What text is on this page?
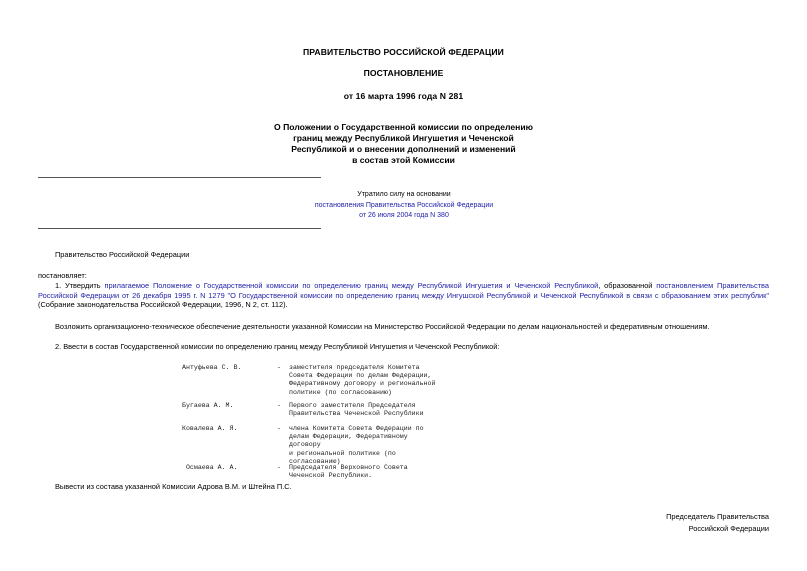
ПРАВИТЕЛЬСТВО РОССИЙСКОЙ ФЕДЕРАЦИИ
ПОСТАНОВЛЕНИЕ
от 16 марта 1996 года N 281
О Положении о Государственной комиссии по определению
границ между Республикой Ингушетия и Чеченской
Республикой и о внесении дополнений и изменений
в состав этой Комиссии
Утратило силу на основании
постановления Правительства Российской Федерации
от 26 июля 2004 года N 380
Правительство Российской Федерации
постановляет:

1. Утвердить прилагаемое Положение о Государственной комиссии по определению границ между Республикой Ингушетия и Чеченской Республикой, образованной постановлением Правительства Российской Федерации от 26 декабря 1995 г. N 1279 "О Государственной комиссии по определению границ между Ингушской Республикой и Чеченской Республикой в связи с образованием этих республик" (Собрание законодательства Российской Федерации, 1996, N 2, ст. 112).

Возложить организационно-техническое обеспечение деятельности указанной Комиссии на Министерство Российской Федерации по делам национальностей и федеративным отношениям.
2. Ввести в состав Государственной комиссии по определению границ между Республикой Ингушетия и Чеченской Республикой:
Антуфьева С. В.	- заместителя председателя Комитета
Совета Федерации по делам Федерации,
Федеративному договору и региональной
политике (по согласованию)
Бугаева А. М.	- Первого заместителя Председателя
Правительства Чеченской Республики
Ковалева А. Я.	- члена Комитета Совета Федерации по
делам Федерации, Федеративному договору
и региональной политике (по
согласованию)
Осмаева А. А.	- Председателя Верховного Совета
Чеченской Республики.
Вывести из состава указанной Комиссии Адрова В.М. и Штейна П.С.
Председатель Правительства
Российской Федерации
